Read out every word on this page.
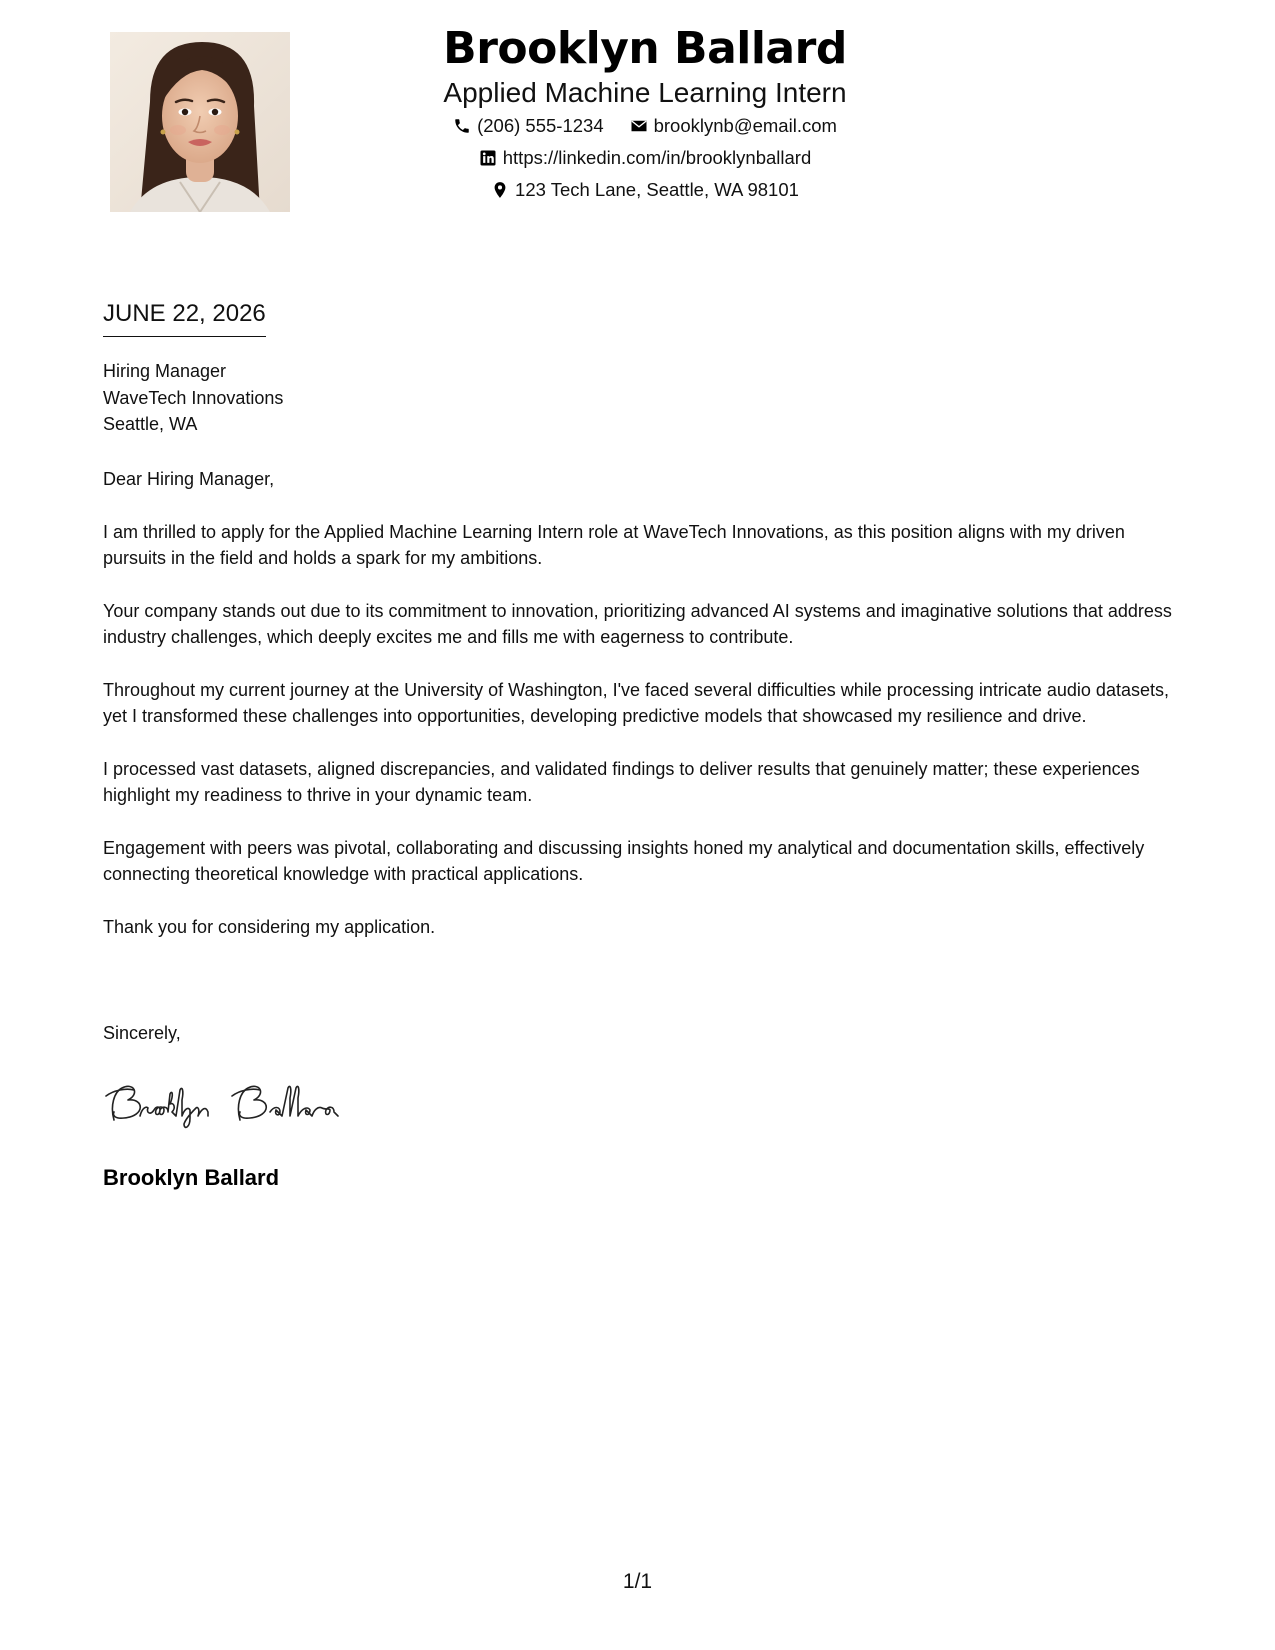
Brooklyn Ballard
Applied Machine Learning Intern
(206) 555-1234	brooklynb@email.com
https://linkedin.com/in/brooklynballard
123 Tech Lane, Seattle, WA 98101
JUNE 22, 2026
Hiring Manager
WaveTech Innovations
Seattle, WA

Dear Hiring Manager,

I am thrilled to apply for the Applied Machine Learning Intern role at WaveTech Innovations, as this position aligns with my driven pursuits in the field and holds a spark for my ambitions.

Your company stands out due to its commitment to innovation, prioritizing advanced AI systems and imaginative solutions that address industry challenges, which deeply excites me and fills me with eagerness to contribute.

Throughout my current journey at the University of Washington, I've faced several difficulties while processing intricate audio datasets, yet I transformed these challenges into opportunities, developing predictive models that showcased my resilience and drive.

I processed vast datasets, aligned discrepancies, and validated findings to deliver results that genuinely matter; these experiences highlight my readiness to thrive in your dynamic team.

Engagement with peers was pivotal, collaborating and discussing insights honed my analytical and documentation skills, effectively connecting theoretical knowledge with practical applications.

Thank you for considering my application.

Sincerely,
Brooklyn Ballard
1/1
